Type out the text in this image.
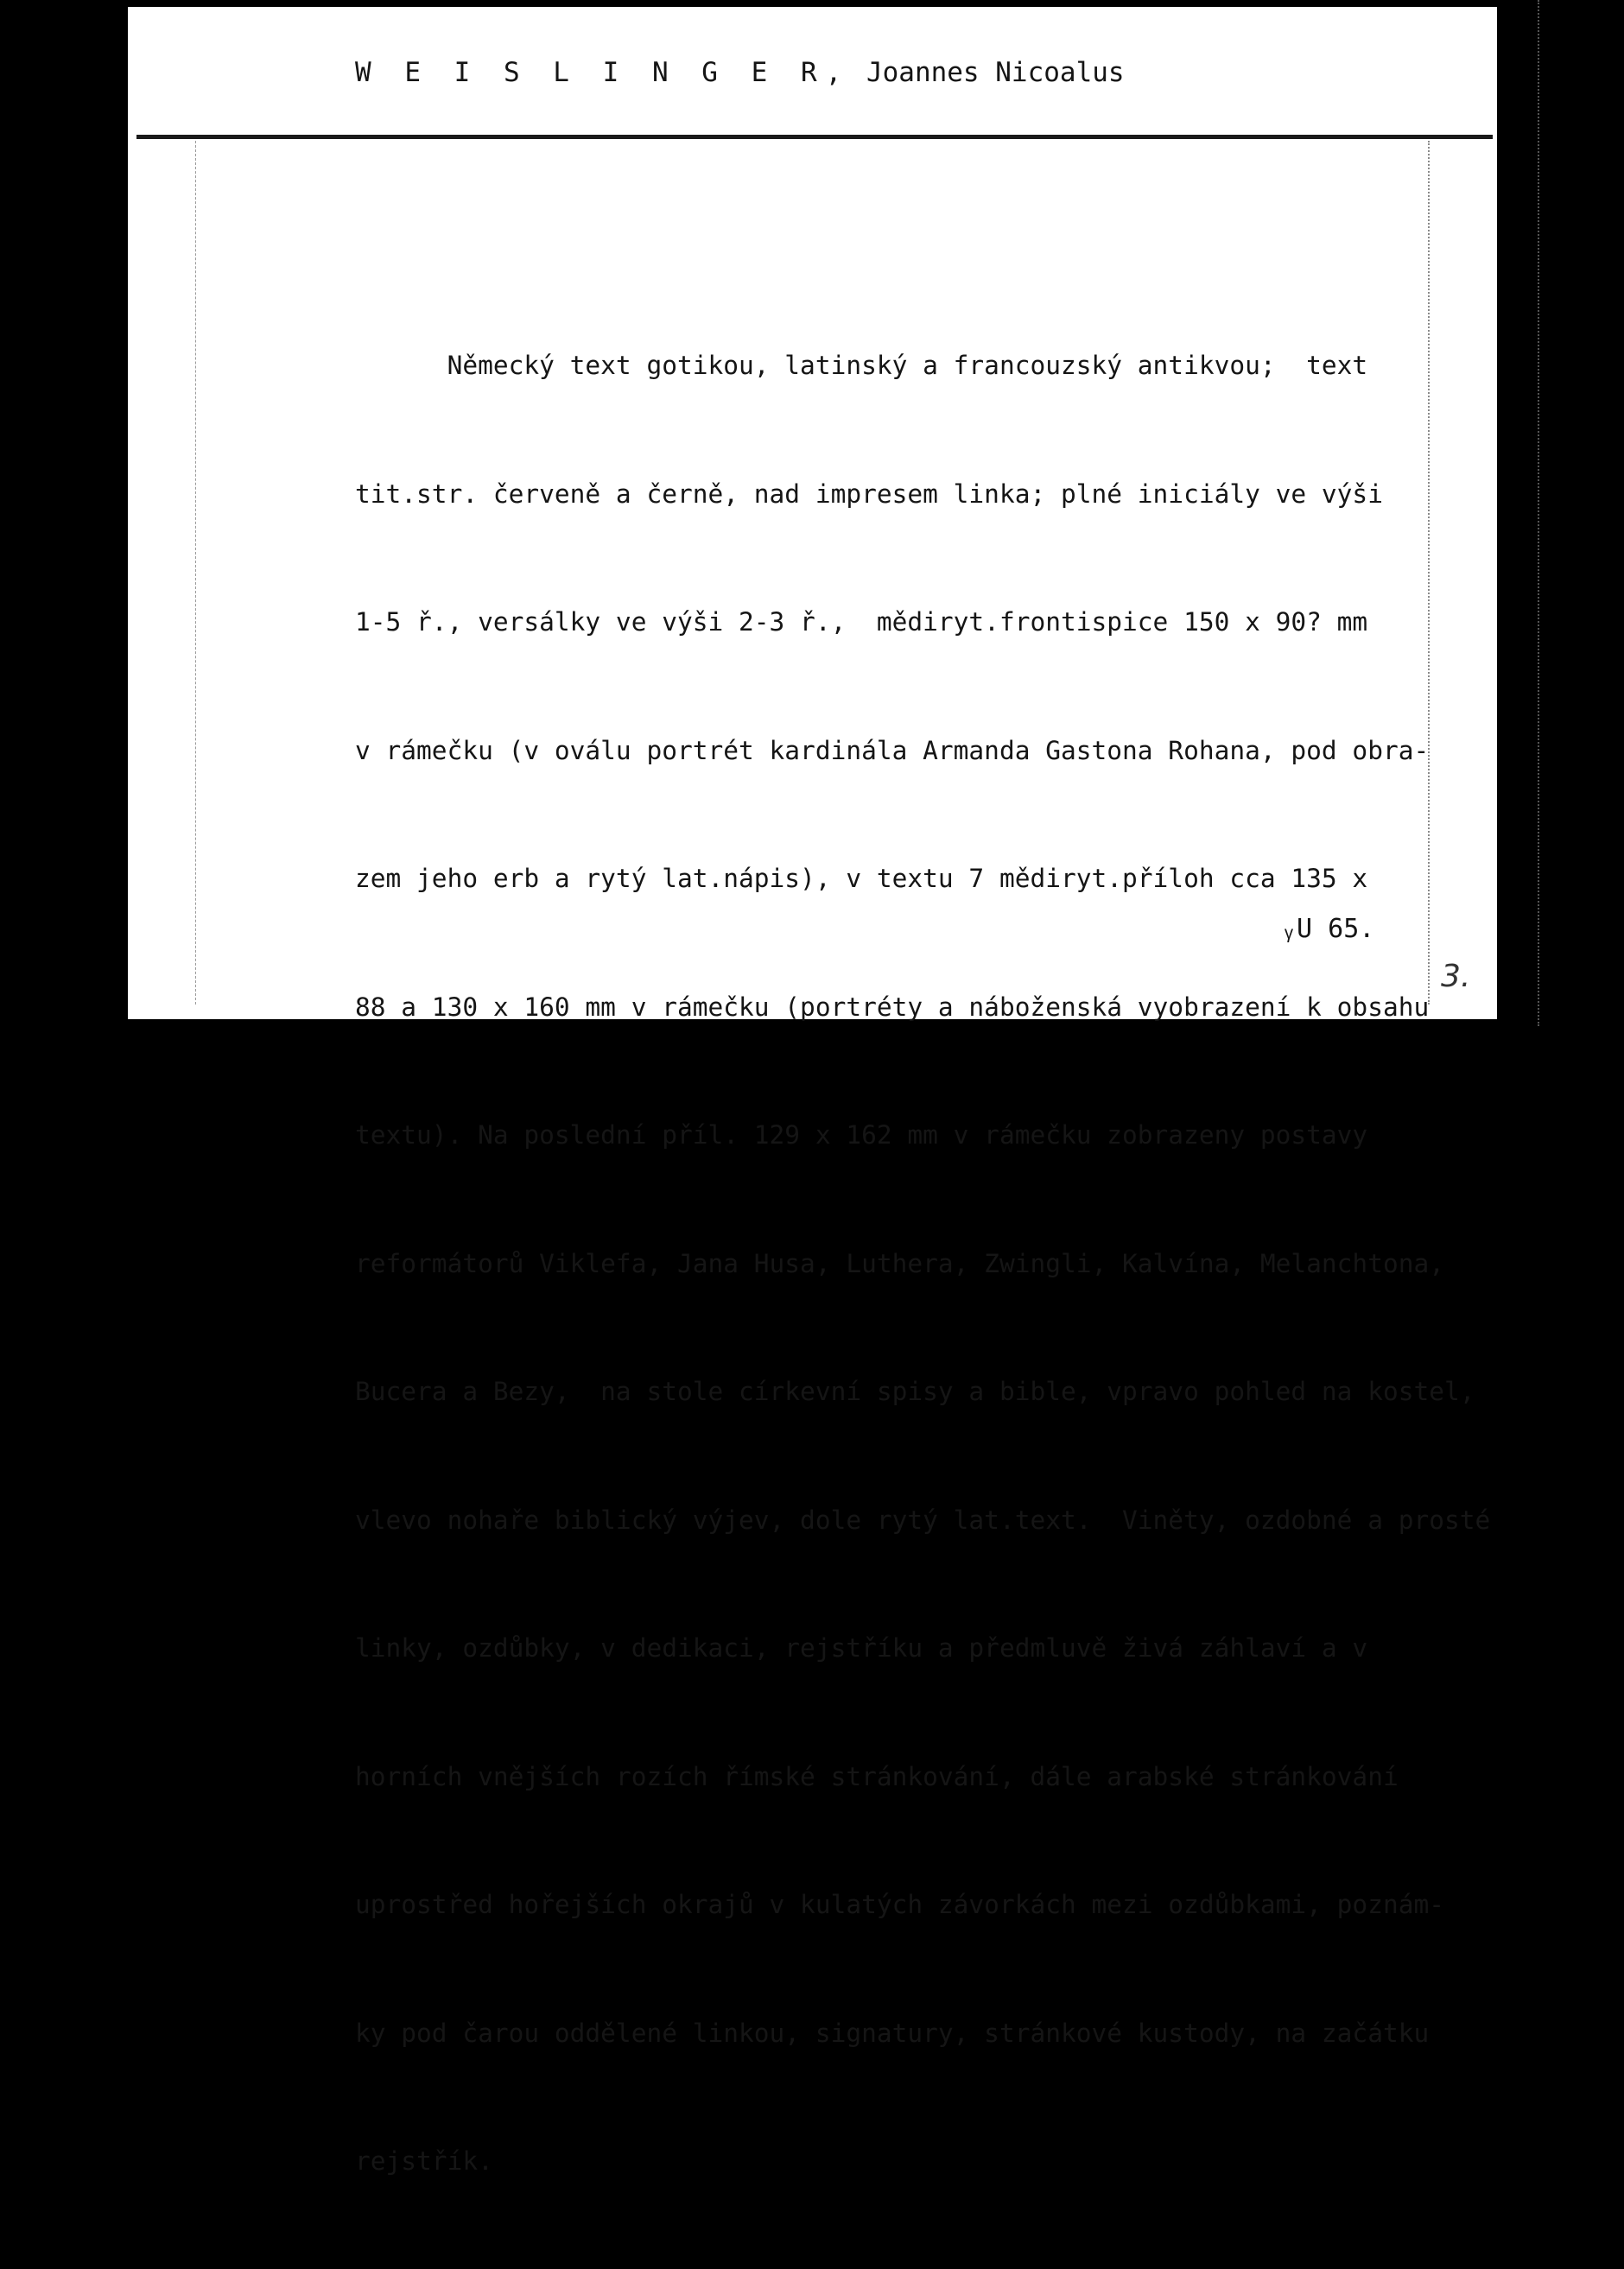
W E I S L I N G E R, Joannes Nicoalus

Německý text gotikou, latinský a francouzský antikvou;  text

tit.str. červeně a černě, nad impresem linka; plné iniciály ve výši

1-5 ř., versálky ve výši 2-3 ř.,  mědiryt.frontispice 150 x 90? mm

v rámečku (v oválu portrét kardinála Armanda Gastona Rohana, pod obra-

zem jeho erb a rytý lat.nápis), v textu 7 mědiryt.příloh cca 135 x

88 a 130 x 160 mm v rámečku (portréty a náboženská vyobrazení k obsahu

textu). Na poslední příl. 129 x 162 mm v rámečku zobrazeny postavy

reformátorů Viklefa, Jana Husa, Luthera, Zwingli, Kalvína, Melanchtona,

Bucera a Bezy,  na stole církevní spisy a bible, vpravo pohled na kostel,

vlevo nohaře biblický výjev, dole rytý lat.text.  Viněty, ozdobné a prosté

linky, ozdůbky, v dedikaci, rejstříku a předmluvě živá záhlaví a v

horních vnějších rozích římské stránkování, dále arabské stránkování

uprostřed hořejších okrajů v kulatých závorkách mezi ozdůbkami, poznám-

ky pod čarou oddělené linkou, signatury, stránkové kustody, na začátku

rejstřík.

ᵧU 65.
3.
